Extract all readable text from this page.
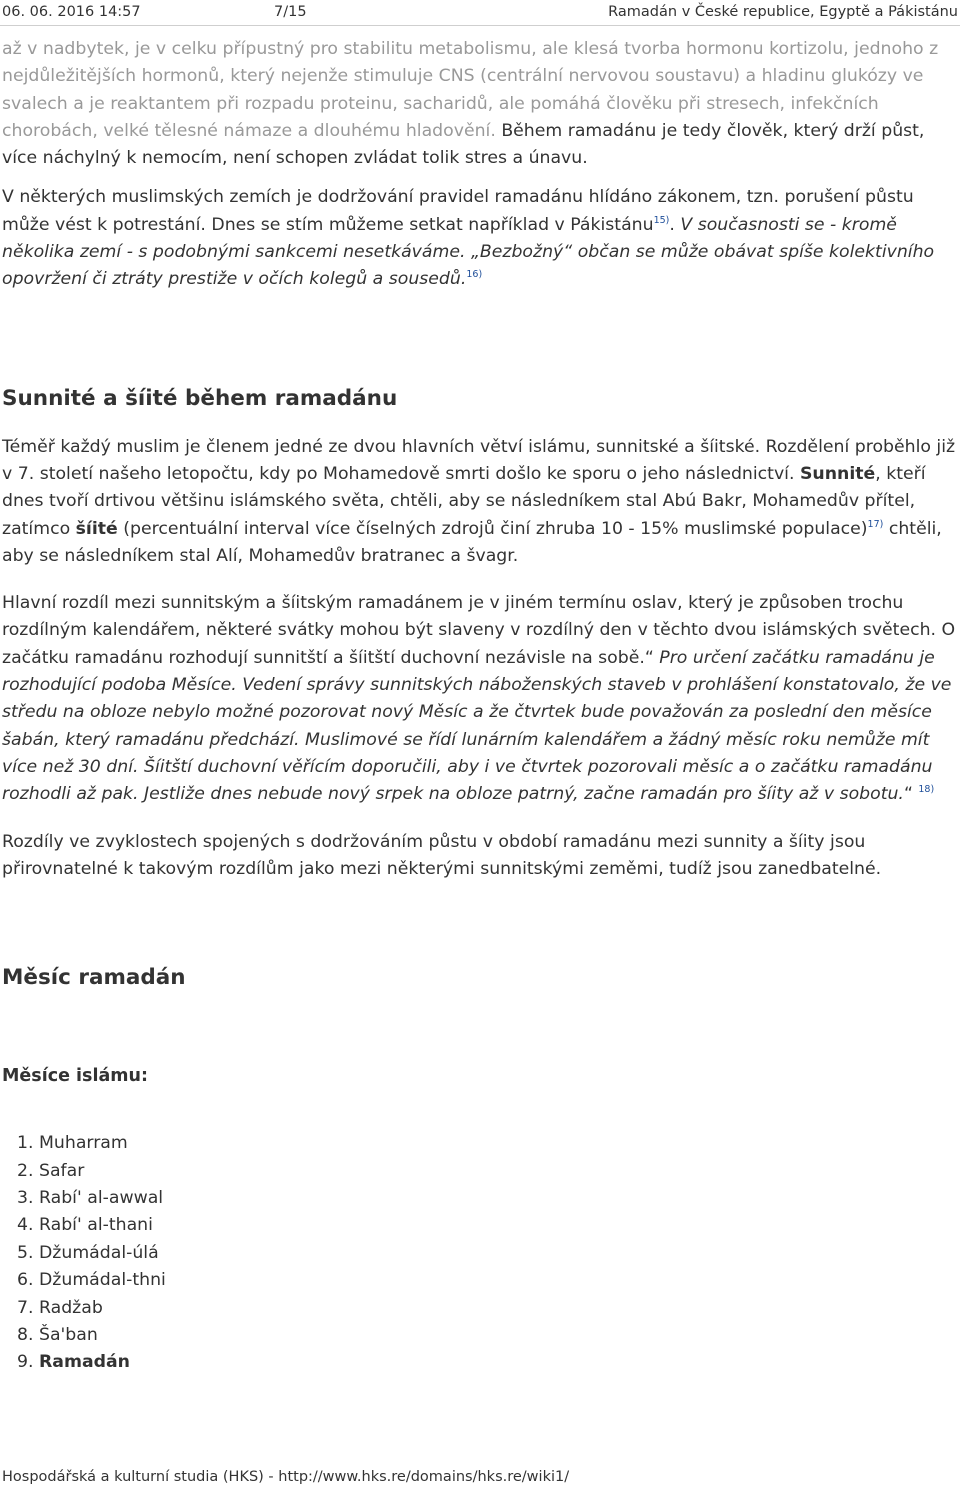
06. 06. 2016 14:57	7/15	Ramadán v České republice, Egyptě a Pákistánu

až v nadbytek, je v celku přípustný pro stabilitu metabolismu, ale klesá tvorba hormonu kortizolu, jednoho z nejdůležitějších hormonů, který nejenže stimuluje CNS (centrální nervovou soustavu) a hladinu glukózy ve svalech a je reaktantem při rozpadu proteinu, sacharidů, ale pomáhá člověku při stresech, infekčních chorobách, velké tělesné námaze a dlouhému hladovění. Během ramadánu je tedy člověk, který drží půst, více náchylný k nemocím, není schopen zvládat tolik stres a únavu.

V některých muslimských zemích je dodržování pravidel ramadánu hlídáno zákonem, tzn. porušení půstu může vést k potrestání. Dnes se stím můžeme setkat například v Pákistánu$^{15)}$. V současnosti se - kromě několika zemí - s podobnými sankcemi nesetkáváme. „Bezbožný“ občan se může obávat spíše kolektivního opovržení či ztráty prestiže v očích kolegů a sousedů.$^{16)}$

Sunnité a šíité během ramadánu

Téměř každý muslim je členem jedné ze dvou hlavních větví islámu, sunnitské a šíitské. Rozdělení proběhlo již v 7. století našeho letopočtu, kdy po Mohamedově smrti došlo ke sporu o jeho následnictví. Sunnité, kteří dnes tvoří drtivou většinu islámského světa, chtěli, aby se následníkem stal Abú Bakr, Mohamedův přítel, zatímco šíité (percentuální interval více číselných zdrojů činí zhruba 10 - 15% muslimské populace)$^{17)}$ chtěli, aby se následníkem stal Alí, Mohamedův bratranec a švagr.

Hlavní rozdíl mezi sunnitským a šíitským ramadánem je v jiném termínu oslav, který je způsoben trochu rozdílným kalendářem, některé svátky mohou být slaveny v rozdílný den v těchto dvou islámských světech. O začátku ramadánu rozhodují sunnitští a šíitští duchovní nezávisle na sobě.“ Pro určení začátku ramadánu je rozhodující podoba Měsíce. Vedení správy sunnitských náboženských staveb v prohlášení konstatovalo, že ve středu na obloze nebylo možné pozorovat nový Měsíc a že čtvrtek bude považován za poslední den měsíce šabán, který ramadánu předchází. Muslimové se řídí lunárním kalendářem a žádný měsíc roku nemůže mít více než 30 dní. Šíitští duchovní věřícím doporučili, aby i ve čtvrtek pozorovali měsíc a o začátku ramadánu rozhodli až pak. Jestliže dnes nebude nový srpek na obloze patrný, začne ramadán pro šíity až v sobotu.“ $^{18)}$

Rozdíly ve zvyklostech spojených s dodržováním půstu v období ramadánu mezi sunnity a šíity jsou přirovnatelné k takovým rozdílům jako mezi některými sunnitskými zeměmi, tudíž jsou zanedbatelné.

Měsíc ramadán
Měsíce islámu:
1. Muharram
2. Safar
3. Rabí' al-awwal
4. Rabí' al-thani
5. Džumádal-úlá
6. Džumádal-thni
7. Radžab
8. Ša'ban
9. Ramadán
Hospodářská a kulturní studia (HKS) - http://www.hks.re/domains/hks.re/wiki1/
